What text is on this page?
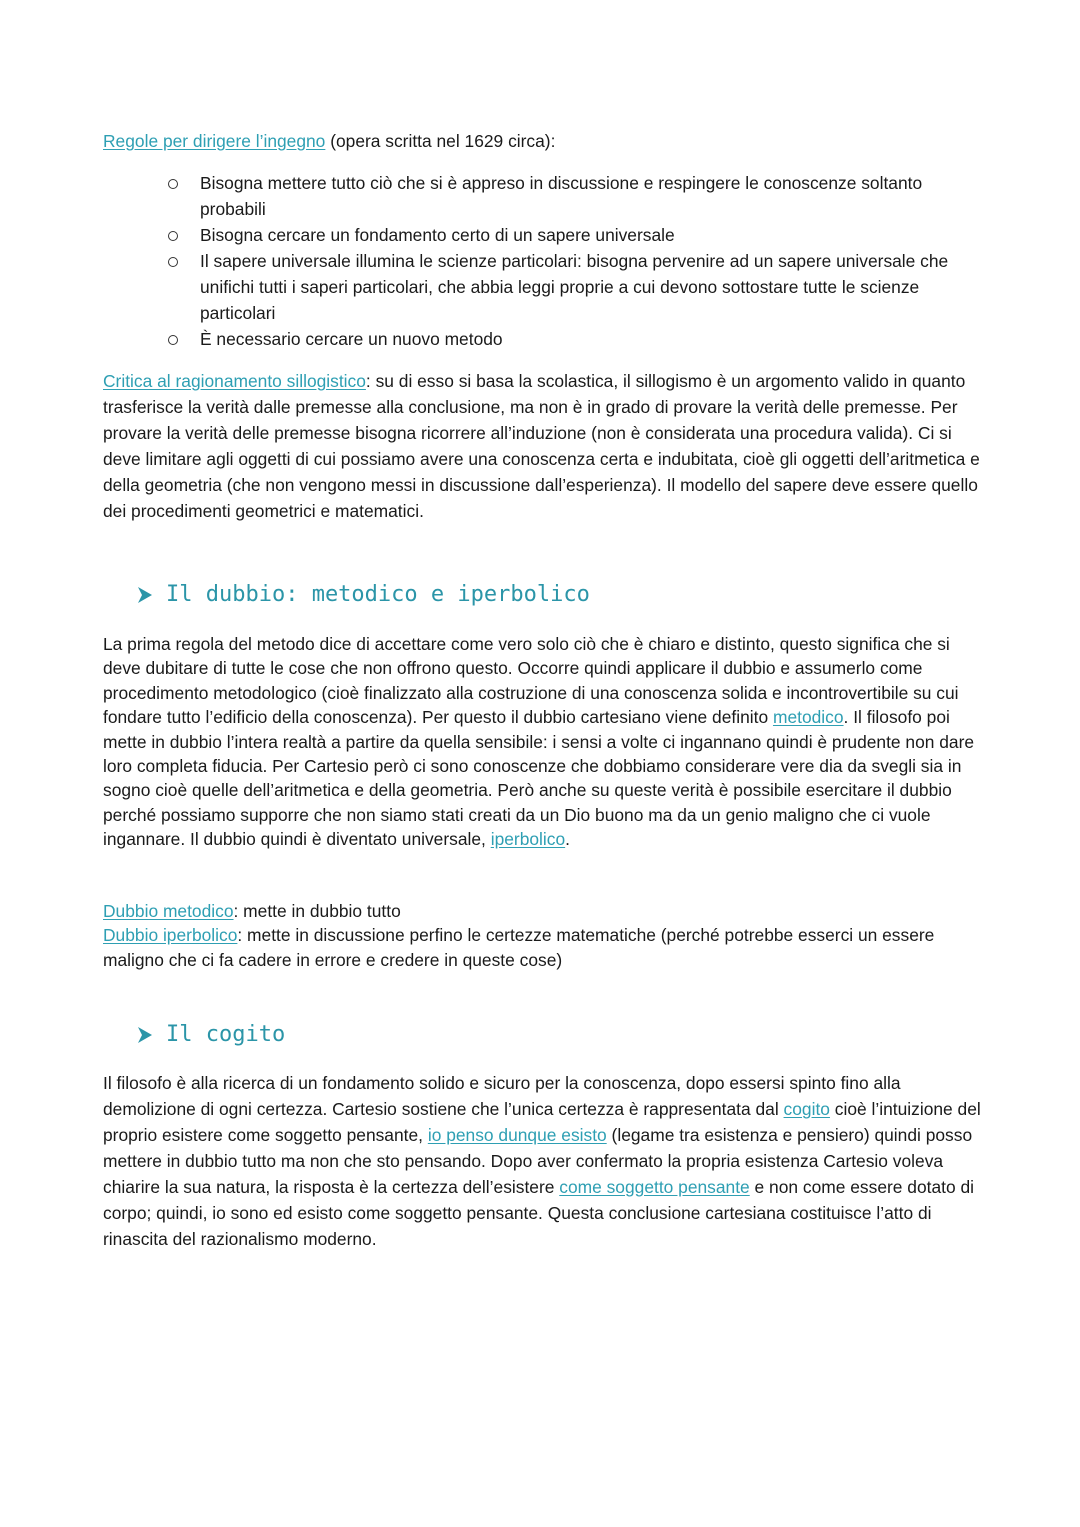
Regole per dirigere l’ingegno (opera scritta nel 1629 circa):

Bisogna mettere tutto ciò che si è appreso in discussione e respingere le conoscenze soltanto probabili
Bisogna cercare un fondamento certo di un sapere universale
Il sapere universale illumina le scienze particolari: bisogna pervenire ad un sapere universale che unifichi tutti i saperi particolari, che abbia leggi proprie a cui devono sottostare tutte le scienze particolari
È necessario cercare un nuovo metodo

Critica al ragionamento sillogistico: su di esso si basa la scolastica, il sillogismo è un argomento valido in quanto trasferisce la verità dalle premesse alla conclusione, ma non è in grado di provare la verità delle premesse. Per provare la verità delle premesse bisogna ricorrere all’induzione (non è considerata una procedura valida). Ci si deve limitare agli oggetti di cui possiamo avere una conoscenza certa e indubitata, cioè gli oggetti dell’aritmetica e della geometria (che non vengono messi in discussione dall’esperienza). Il modello del sapere deve essere quello dei procedimenti geometrici e matematici.

Il dubbio: metodico e iperbolico

La prima regola del metodo dice di accettare come vero solo ciò che è chiaro e distinto, questo significa che si deve dubitare di tutte le cose che non offrono questo. Occorre quindi applicare il dubbio e assumerlo come procedimento metodologico (cioè finalizzato alla costruzione di una conoscenza solida e incontrovertibile su cui fondare tutto l’edificio della conoscenza). Per questo il dubbio cartesiano viene definito metodico. Il filosofo poi mette in dubbio l’intera realtà a partire da quella sensibile: i sensi a volte ci ingannano quindi è prudente non dare loro completa fiducia. Per Cartesio però ci sono conoscenze che dobbiamo considerare vere dia da svegli sia in sogno cioè quelle dell’aritmetica e della geometria. Però anche su queste verità è possibile esercitare il dubbio perché possiamo supporre che non siamo stati creati da un Dio buono ma da un genio maligno che ci vuole ingannare. Il dubbio quindi è diventato universale, iperbolico.

Dubbio metodico: mette in dubbio tutto
Dubbio iperbolico: mette in discussione perfino le certezze matematiche (perché potrebbe esserci un essere maligno che ci fa cadere in errore e credere in queste cose)

Il cogito

Il filosofo è alla ricerca di un fondamento solido e sicuro per la conoscenza, dopo essersi spinto fino alla demolizione di ogni certezza. Cartesio sostiene che l’unica certezza è rappresentata dal cogito cioè l’intuizione del proprio esistere come soggetto pensante, io penso dunque esisto (legame tra esistenza e pensiero) quindi posso mettere in dubbio tutto ma non che sto pensando. Dopo aver confermato la propria esistenza Cartesio voleva chiarire la sua natura, la risposta è la certezza dell’esistere come soggetto pensante e non come essere dotato di corpo; quindi, io sono ed esisto come soggetto pensante. Questa conclusione cartesiana costituisce l’atto di rinascita del razionalismo moderno.
